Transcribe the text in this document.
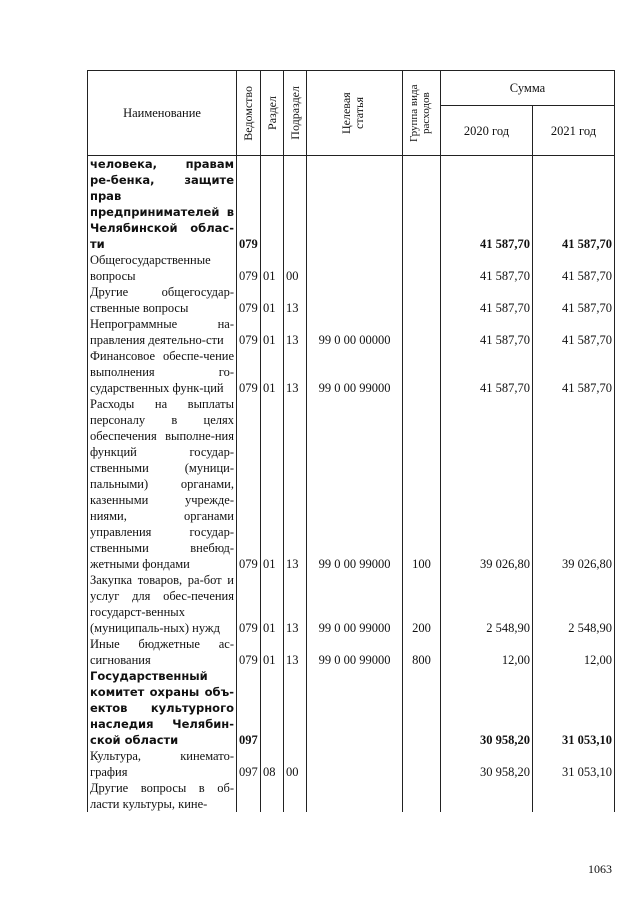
Наименование	Ведомство	Раздел	Подраздел	Целевая статья	Группа вида расходов	Сумма	
						2020 год	2021 год
человека, правам ре-бенка, защите прав предпринимателей в Челябинской облас-ти	079					41 587,70	41 587,70
Общегосударственные вопросы	079	01	00			41 587,70	41 587,70
Другие общегосудар-ственные вопросы	079	01	13			41 587,70	41 587,70
Непрограммные на-правления деятельно-сти	079	01	13	99 0 00 00000		41 587,70	41 587,70
Финансовое обеспе-чение выполнения го-сударственных функ-ций	079	01	13	99 0 00 99000		41 587,70	41 587,70
Расходы на выплаты персоналу в целях обеспечения выполне-ния функций государ-ственными (муници-пальными) органами, казенными учрежде-ниями, органами управления государ-ственными внебюд-жетными фондами	079	01	13	99 0 00 99000	100	39 026,80	39 026,80
Закупка товаров, ра-бот и услуг для обес-печения государст-венных (муниципаль-ных) нужд	079	01	13	99 0 00 99000	200	2 548,90	2 548,90
Иные бюджетные ас-сигнования	079	01	13	99 0 00 99000	800	12,00	12,00
Государственный комитет охраны объ-ектов культурного наследия Челябин-ской области	097					30 958,20	31 053,10
Культура, кинемато-графия	097	08	00			30 958,20	31 053,10
Другие вопросы в об-ласти культуры, кине-							
1063
